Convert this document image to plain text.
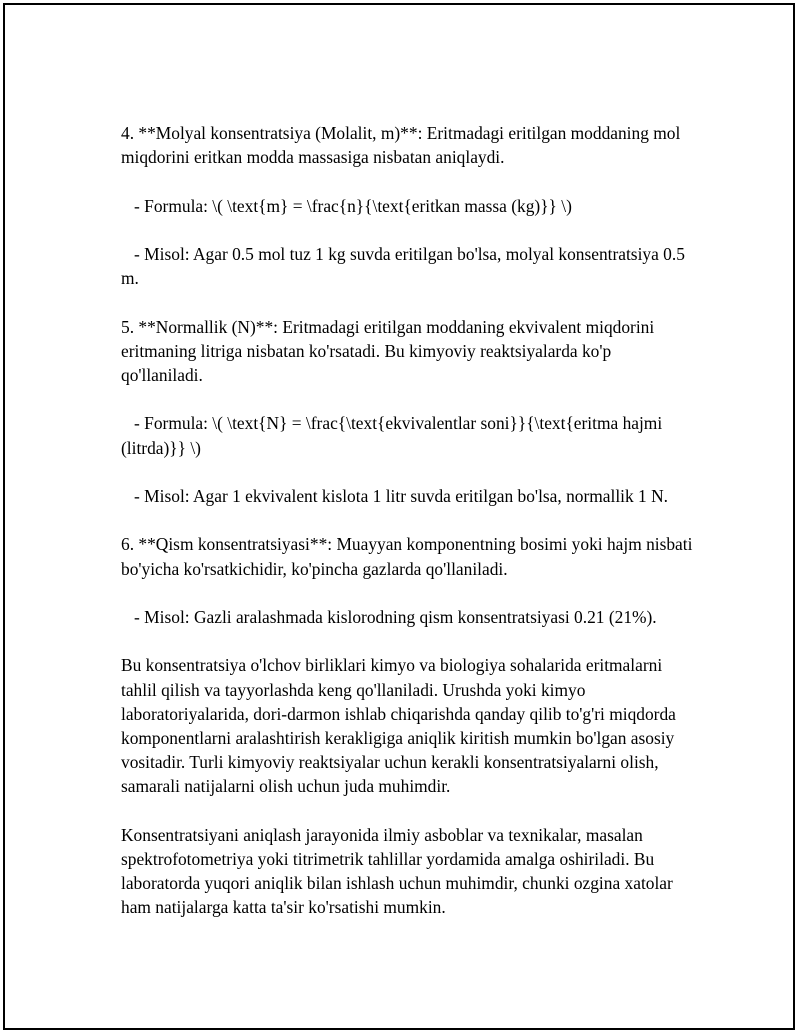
4. **Molyal konsentratsiya (Molalit, m)**: Eritmadagi eritilgan moddaning mol miqdorini eritkan modda massasiga nisbatan aniqlaydi.

- Formula: \( \text{m} = \frac{n}{\text{eritkan massa (kg)}} \)

- Misol: Agar 0.5 mol tuz 1 kg suvda eritilgan bo'lsa, molyal konsentratsiya 0.5 m.

5. **Normallik (N)**: Eritmadagi eritilgan moddaning ekvivalent miqdorini eritmaning litriga nisbatan ko'rsatadi. Bu kimyoviy reaktsiyalarda ko'p qo'llaniladi.

- Formula: \( \text{N} = \frac{\text{ekvivalentlar soni}}{\text{eritma hajmi (litrda)}} \)

- Misol: Agar 1 ekvivalent kislota 1 litr suvda eritilgan bo'lsa, normallik 1 N.

6. **Qism konsentratsiyasi**: Muayyan komponentning bosimi yoki hajm nisbati bo'yicha ko'rsatkichidir, ko'pincha gazlarda qo'llaniladi.

- Misol: Gazli aralashmada kislorodning qism konsentratsiyasi 0.21 (21%).

Bu konsentratsiya o'lchov birliklari kimyo va biologiya sohalarida eritmalarni tahlil qilish va tayyorlashda keng qo'llaniladi. Urushda yoki kimyo laboratoriyalarida, dori-darmon ishlab chiqarishda qanday qilib to'g'ri miqdorda komponentlarni aralashtirish kerakligiga aniqlik kiritish mumkin bo'lgan asosiy vositadir. Turli kimyoviy reaktsiyalar uchun kerakli konsentratsiyalarni olish, samarali natijalarni olish uchun juda muhimdir.

Konsentratsiyani aniqlash jarayonida ilmiy asboblar va texnikalar, masalan spektrofotometriya yoki titrimetrik tahlillar yordamida amalga oshiriladi. Bu laboratorda yuqori aniqlik bilan ishlash uchun muhimdir, chunki ozgina xatolar ham natijalarga katta ta'sir ko'rsatishi mumkin.
